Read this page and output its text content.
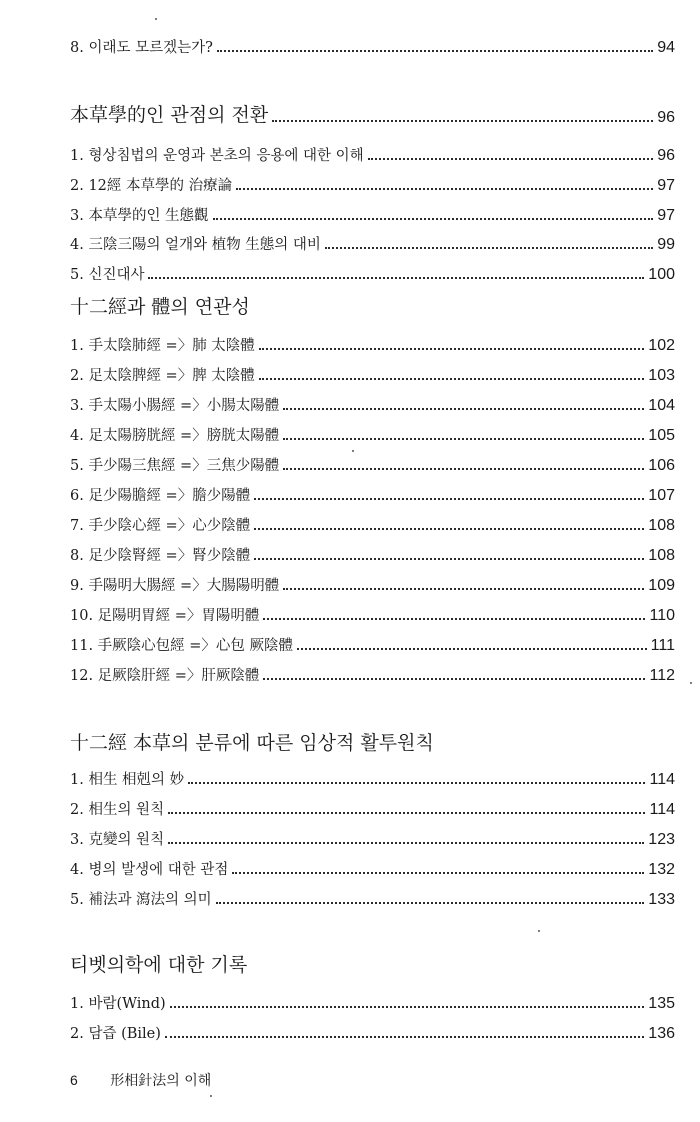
8. 이래도 모르겠는가?	94
本草學的인 관점의 전환	96
1. 형상침법의 운영과 본초의 응용에 대한 이해	96
2. 12經 本草學的 治療論	97
3. 本草學的인 生態觀	97
4. 三陰三陽의 얼개와 植物 生態의 대비	99
5. 신진대사	100
十二經과 體의 연관성
1. 手太陰肺經 =〉肺 太陰體	102
2. 足太陰脾經 =〉脾 太陰體	103
3. 手太陽小腸經 =〉小腸太陽體	104
4. 足太陽膀胱經 =〉膀胱太陽體	105
5. 手少陽三焦經 =〉三焦少陽體	106
6. 足少陽膽經 =〉膽少陽體	107
7. 手少陰心經 =〉心少陰體	108
8. 足少陰腎經 =〉腎少陰體	108
9. 手陽明大腸經 =〉大腸陽明體	109
10. 足陽明胃經 =〉胃陽明體	110
11. 手厥陰心包經 =〉心包 厥陰體	111
12. 足厥陰肝經 =〉肝厥陰體	112
十二經 本草의 분류에 따른 임상적 활투원칙
1. 相生 相剋의 妙	114
2. 相生의 원칙	114
3. 克變의 원칙	123
4. 병의 발생에 대한 관점	132
5. 補法과 瀉法의 의미	133
티벳의학에 대한 기록
1. 바람(Wind)	135
2. 담즙 (Bile)	136
6 形相針法의 이해
